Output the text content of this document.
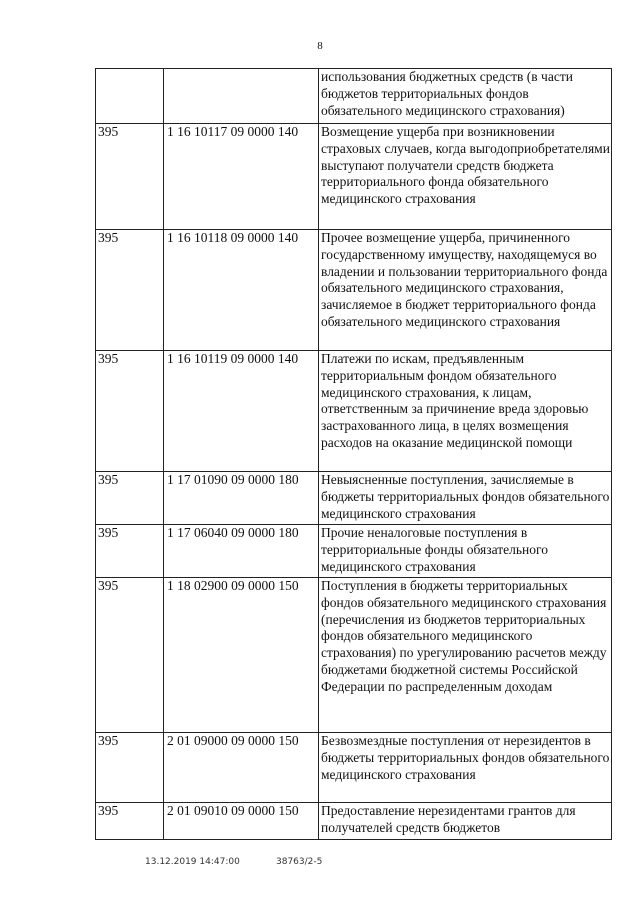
8
		использования бюджетных средств (в части бюджетов территориальных фондов обязательного медицинского страхования)
395	1 16 10117 09 0000 140	Возмещение ущерба при возникновении страховых случаев, когда выгодоприобретателями выступают получатели средств бюджета территориального фонда обязательного медицинского страхования
395	1 16 10118 09 0000 140	Прочее возмещение ущерба, причиненного государственному имуществу, находящемуся во владении и пользовании территориального фонда обязательного медицинского страхования, зачисляемое в бюджет территориального фонда обязательного медицинского страхования
395	1 16 10119 09 0000 140	Платежи по искам, предъявленным территориальным фондом обязательного медицинского страхования, к лицам, ответственным за причинение вреда здоровью застрахованного лица, в целях возмещения расходов на оказание медицинской помощи
395	1 17 01090 09 0000 180	Невыясненные поступления, зачисляемые в бюджеты территориальных фондов обязательного медицинского страхования
395	1 17 06040 09 0000 180	Прочие неналоговые поступления в территориальные фонды обязательного медицинского страхования
395	1 18 02900 09 0000 150	Поступления в бюджеты территориальных фондов обязательного медицинского страхования (перечисления из бюджетов территориальных фондов обязательного медицинского страхования) по урегулированию расчетов между бюджетами бюджетной системы Российской Федерации по распределенным доходам
395	2 01 09000 09 0000 150	Безвозмездные поступления от нерезидентов в бюджеты территориальных фондов обязательного медицинского страхования
395	2 01 09010 09 0000 150	Предоставление нерезидентами грантов для получателей средств бюджетов
13.12.2019 14:47:00	38763/2-5
